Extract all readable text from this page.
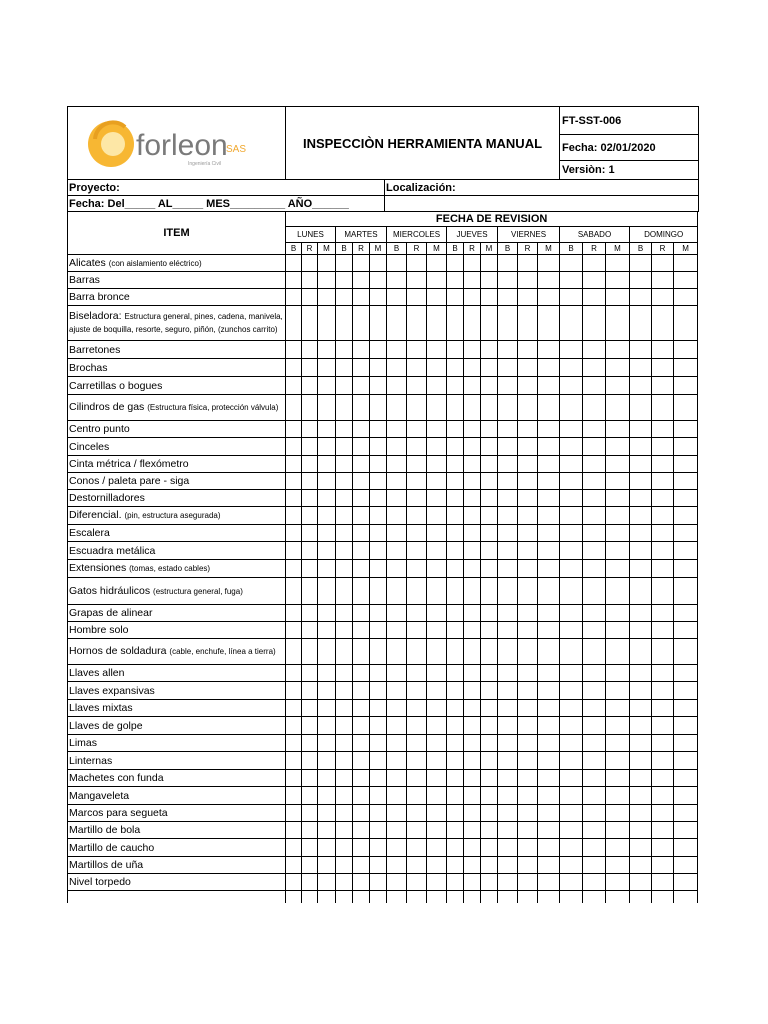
forleon
SAS
Ingeniería Civil
	INSPECCIÒN HERRAMIENTA MANUAL	FT-SST-006
Fecha: 02/01/2020
Versiòn: 1
Proyecto:	Localización:
Fecha: Del_____ AL_____ MES_________ AÑO______	
ITEM	FECHA DE REVISION																				
	LUNES			MARTES			MIERCOLES			JUEVES			VIERNES			SABADO			DOMINGO		
	B	R	M	B	R	M	B	R	M	B	R	M	B	R	M	B	R	M	B	R	M
Alicates (con aislamiento eléctrico)																					
Barras																					
Barra bronce																					
Biseladora: Estructura general, pines, cadena, manivela, ajuste de boquilla, resorte, seguro, piñón, (zunchos carrito)																					
Barretones																					
Brochas																					
Carretillas o bogues																					
Cilindros de gas (Estructura física, protección válvula)																					
Centro punto																					
Cinceles																					
Cinta métrica / flexómetro																					
Conos / paleta pare - siga																					
Destornilladores																					
Diferencial. (pin, estructura asegurada)																					
Escalera																					
Escuadra metálica																					
Extensiones (tomas, estado cables)																					
Gatos hidráulicos (estructura general, fuga)																					
Grapas de alinear																					
Hombre solo																					
Hornos de soldadura (cable, enchufe, línea a tierra)																					
Llaves allen																					
Llaves expansivas																					
Llaves mixtas																					
Llaves de golpe																					
Limas																					
Linternas																					
Machetes con funda																					
Mangaveleta																					
Marcos para segueta																					
Martillo de bola																					
Martillo de caucho																					
Martillos de uña																					
Nivel torpedo																					
